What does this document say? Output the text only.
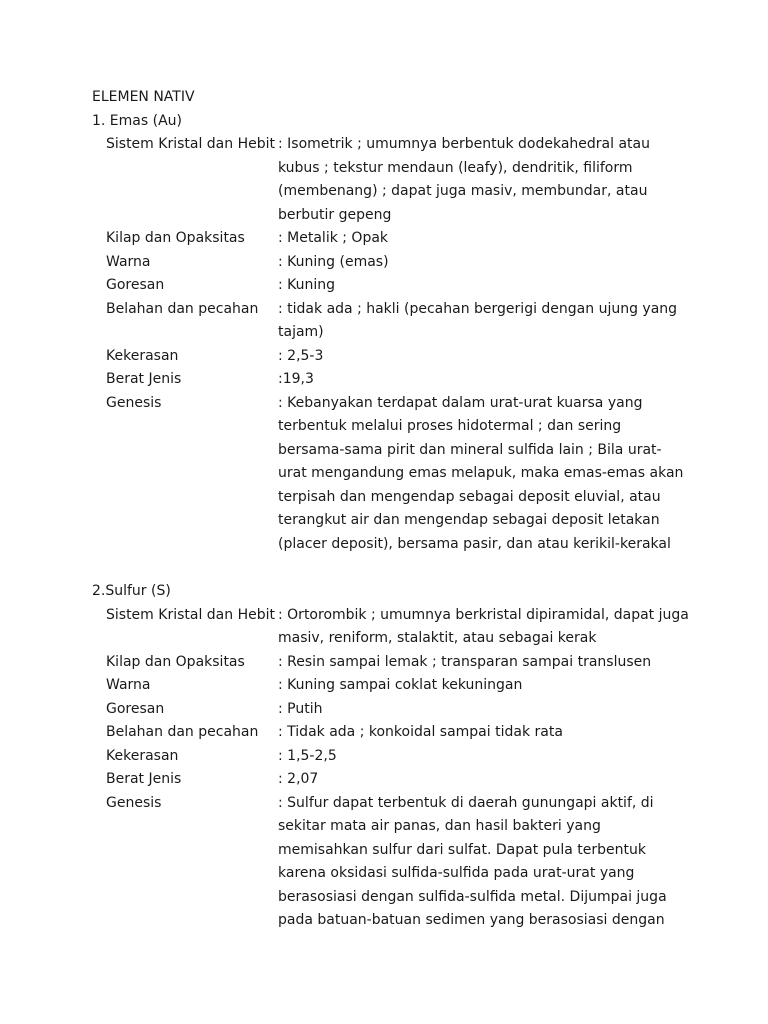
ELEMEN NATIV
1. Emas (Au)
Sistem Kristal dan Hebit : Isometrik ; umumnya berbentuk dodekahedral atau
kubus ; tekstur mendaun (leafy), dendritik, filiform
(membenang) ; dapat juga masiv, membundar, atau
berbutir gepeng
Kilap dan Opaksitas	: Metalik ; Opak
Warna	: Kuning (emas)
Goresan	: Kuning
Belahan dan pecahan	: tidak ada ; hakli (pecahan bergerigi dengan ujung yang
tajam)
Kekerasan	: 2,5-3
Berat Jenis	:19,3
Genesis	: Kebanyakan terdapat dalam urat-urat kuarsa yang
terbentuk melalui proses hidotermal ; dan sering
bersama-sama pirit dan mineral sulfida lain ; Bila urat-
urat mengandung emas melapuk, maka emas-emas akan
terpisah dan mengendap sebagai deposit eluvial, atau
terangkut air dan mengendap sebagai deposit letakan
(placer deposit), bersama pasir, dan atau kerikil-kerakal
2.Sulfur (S)
Sistem Kristal dan Hebit : Ortorombik ; umumnya berkristal dipiramidal, dapat juga
masiv, reniform, stalaktit, atau sebagai kerak
Kilap dan Opaksitas	: Resin sampai lemak ; transparan sampai translusen
Warna	: Kuning sampai coklat kekuningan
Goresan	: Putih
Belahan dan pecahan	: Tidak ada ; konkoidal sampai tidak rata
Kekerasan	: 1,5-2,5
Berat Jenis	: 2,07
Genesis	: Sulfur dapat terbentuk di daerah gunungapi aktif, di
sekitar mata air panas, dan hasil bakteri yang
memisahkan sulfur dari sulfat. Dapat pula terbentuk
karena oksidasi sulfida-sulfida pada urat-urat yang
berasosiasi dengan sulfida-sulfida metal. Dijumpai juga
pada batuan-batuan sedimen yang berasosiasi dengan
